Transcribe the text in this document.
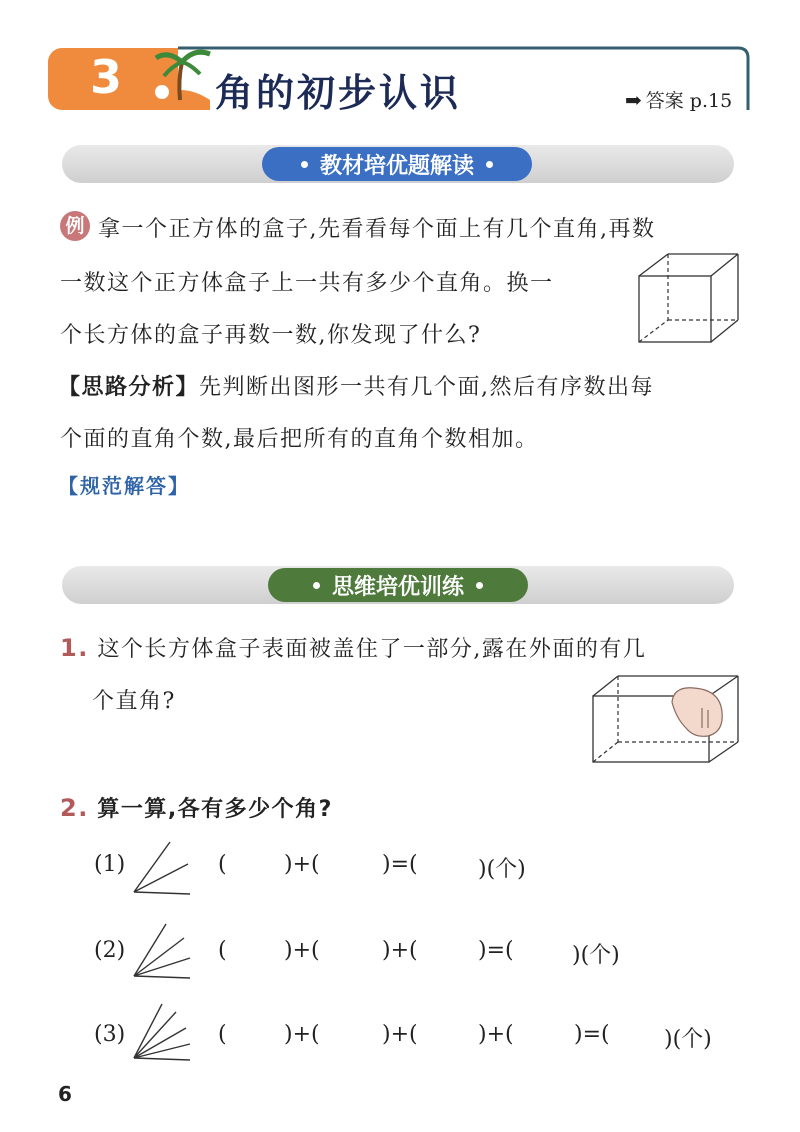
3 角的初步认识	➡ 答案 p.15
教材培优题解读
例 拿一个正方体的盒子,先看看每个面上有几个直角,再数
一数这个正方体盒子上一共有多少个直角。换一
个长方体的盒子再数一数,你发现了什么?
【思路分析】先判断出图形一共有几个面,然后有序数出每
个面的直角个数,最后把所有的直角个数相加。
【规范解答】
思维培优训练
1. 这个长方体盒子表面被盖住了一部分,露在外面的有几
个直角?
2. 算一算,各有多少个角?
(1)	(	)+(	)=(	)(个)
(2)	(	)+(	)+(	)=(	)(个)
(3)	(	)+(	)+(	)+(	)=( )(个)
6
